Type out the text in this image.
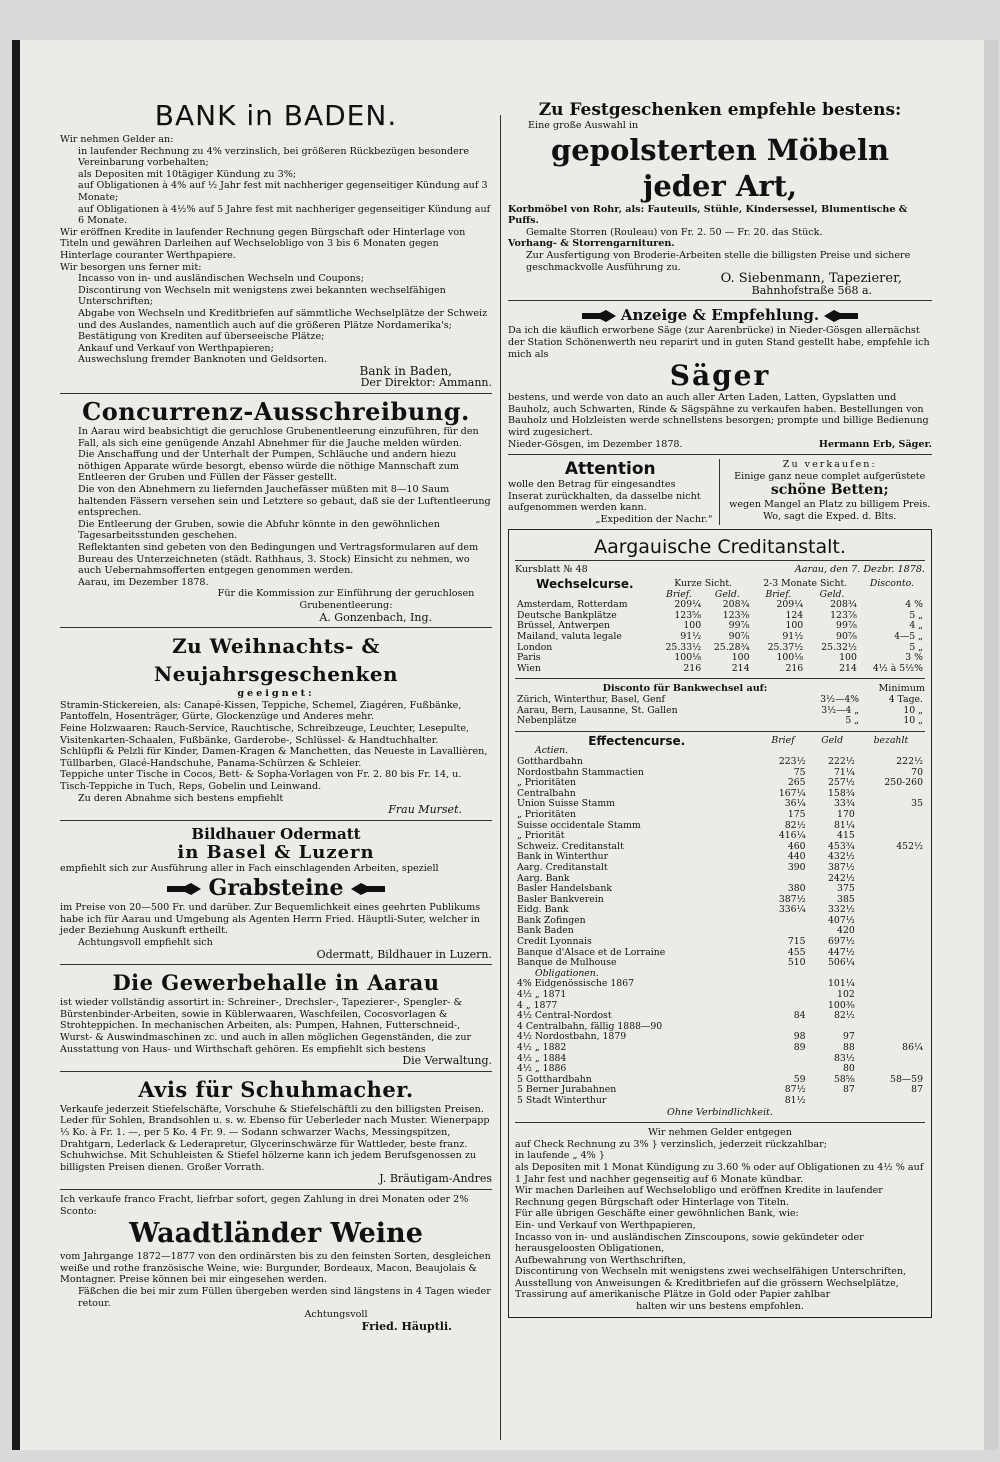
BANK in BADEN.
Wir nehmen Gelder an:
in laufender Rechnung zu 4% verzinslich, bei größeren Rückbezügen besondere Vereinbarung vorbehalten;
als Depositen mit 10tägiger Kündung zu 3%;
auf Obligationen à 4% auf ½ Jahr fest mit nachheriger gegenseitiger Kündung auf 3 Monate;
auf Obligationen à 4½% auf 5 Jahre fest mit nachheriger gegenseitiger Kündung auf 6 Monate.
Wir eröffnen Kredite in laufender Rechnung gegen Bürgschaft oder Hinterlage von Titeln und gewähren Darleihen auf Wechselobligo von 3 bis 6 Monaten gegen Hinterlage couranter Werthpapiere.
Wir besorgen uns ferner mit:
Incasso von in- und ausländischen Wechseln und Coupons;
Discontirung von Wechseln mit wenigstens zwei bekannten wechselfähigen Unterschriften;
Abgabe von Wechseln und Kreditbriefen auf sämmtliche Wechselplätze der Schweiz und des Auslandes, namentlich auch auf die größeren Plätze Nordamerika's;
Bestätigung von Krediten auf überseeische Plätze;
Ankauf und Verkauf von Werthpapieren;
Auswechslung fremder Banknoten und Geldsorten.
Bank in Baden,
Der Direktor: Ammann.
Concurrenz-Ausschreibung.
In Aarau wird beabsichtigt die geruchlose Grubenentleerung einzuführen, für den Fall, als sich eine genügende Anzahl Abnehmer für die Jauche melden würden.
Die Anschaffung und der Unterhalt der Pumpen, Schläuche und andern hiezu nöthigen Apparate würde besorgt, ebenso würde die nöthige Mannschaft zum Entleeren der Gruben und Füllen der Fässer gestellt.
Die von den Abnehmern zu liefernden Jauchefässer müßten mit 8—10 Saum haltenden Fässern versehen sein und Letztere so gebaut, daß sie der Luftentleerung entsprechen.
Die Entleerung der Gruben, sowie die Abfuhr könnte in den gewöhnlichen Tagesarbeitsstunden geschehen.
Reflektanten sind gebeten von den Bedingungen und Vertragsformularen auf dem Bureau des Unterzeichneten (städt. Rathhaus, 3. Stock) Einsicht zu nehmen, wo auch Uebernahmsofferten entgegen genommen werden.
Aarau, im Dezember 1878.
Für die Kommission zur Einführung der geruchlosen Grubenentleerung:
A. Gonzenbach, Ing.
Zu Weihnachts- & Neujahrsgeschenken
geeignet:
Stramin-Stickereien, als: Canapé-Kissen, Teppiche, Schemel, Ziagéren, Fußbänke, Pantoffeln, Hosenträger, Gürte, Glockenzüge und Anderes mehr.
Feine Holzwaaren: Rauch-Service, Rauchtische, Schreibzeuge, Leuchter, Lesepulte, Visitenkarten-Schaalen, Fußbänke, Garderobe-, Schlüssel- & Handtuchhalter.
Schlüpfli & Pelzli für Kinder, Damen-Kragen & Manchetten, das Neueste in Lavallièren, Tüllbarben, Glacé-Handschuhe, Panama-Schürzen & Schleier.
Teppiche unter Tische in Cocos, Bett- & Sopha-Vorlagen von Fr. 2. 80 bis Fr. 14, u. Tisch-Teppiche in Tuch, Reps, Gobelin und Leinwand.
Zu deren Abnahme sich bestens empfiehlt
Frau Murset.
Bildhauer Odermatt
in Basel & Luzern
empfiehlt sich zur Ausführung aller in Fach einschlagenden Arbeiten, speziell
Grabsteine
im Preise von 20—500 Fr. und darüber. Zur Bequemlichkeit eines geehrten Publikums habe ich für Aarau und Umgebung als Agenten Herrn Fried. Häuptli-Suter, welcher in jeder Beziehung Auskunft ertheilt.
Achtungsvoll empfiehlt sich
Odermatt, Bildhauer in Luzern.
Die Gewerbehalle in Aarau
ist wieder vollständig assortirt in: Schreiner-, Drechsler-, Tapezierer-, Spengler- & Bürstenbinder-Arbeiten, sowie in Küblerwaaren, Waschfeilen, Cocosvorlagen & Strohteppichen. In mechanischen Arbeiten, als: Pumpen, Hahnen, Futterschneid-, Wurst- & Auswindmaschinen zc. und auch in allen möglichen Gegenständen, die zur Ausstattung von Haus- und Wirthschaft gehören. Es empfiehlt sich bestens
Die Verwaltung.
Avis für Schuhmacher.
Verkaufe jederzeit Stiefelschäfte, Vorschuhe & Stiefelschäftli zu den billigsten Preisen. Leder für Sohlen, Brandsohlen u. s. w. Ebenso für Ueberleder nach Muster. Wienerpapp ⅓ Ko. à Fr. 1. —, per 5 Ko. 4 Fr. 9. — Sodann schwarzer Wachs, Messingspitzen, Drahtgarn, Lederlack & Lederapretur, Glycerinschwärze für Wattleder, beste franz. Schuhwichse. Mit Schuhleisten & Stiefel hölzerne kann ich jedem Berufsgenossen zu billigsten Preisen dienen. Großer Vorrath.
J. Bräutigam-Andres
Ich verkaufe franco Fracht, liefrbar sofort, gegen Zahlung in drei Monaten oder 2% Sconto:
Waadtländer Weine
vom Jahrgange 1872—1877 von den ordinärsten bis zu den feinsten Sorten, desgleichen weiße und rothe französische Weine, wie: Burgunder, Bordeaux, Macon, Beaujolais & Montagner. Preise können bei mir eingesehen werden.
Fäßchen die bei mir zum Füllen übergeben werden sind längstens in 4 Tagen wieder retour.
Achtungsvoll
Fried. Häuptli.
Zu Festgeschenken empfehle bestens:
Eine große Auswahl in
gepolsterten Möbeln jeder Art,
Korbmöbel von Rohr, als: Fauteuils, Stühle, Kindersessel, Blumentische & Puffs.
Gemalte Storren (Rouleau) von Fr. 2. 50 — Fr. 20. das Stück.
Vorhang- & Storrengarnituren.
Zur Ausfertigung von Broderie-Arbeiten stelle die billigsten Preise und sichere geschmackvolle Ausführung zu.
O. Siebenmann, Tapezierer,
Bahnhofstraße 568 a.
Anzeige & Empfehlung.
Da ich die käuflich erworbene Säge (zur Aarenbrücke) in Nieder-Gösgen allernächst der Station Schönenwerth neu reparirt und in guten Stand gestellt habe, empfehle ich mich als
Säger
bestens, und werde von dato an auch aller Arten Laden, Latten, Gypslatten und Bauholz, auch Schwarten, Rinde & Sägspähne zu verkaufen haben. Bestellungen von Bauholz und Holzleisten werde schnellstens besorgen; prompte und billige Bedienung wird zugesichert.
Nieder-Gösgen, im Dezember 1878.	Hermann Erb, Säger.
Attention
wolle den Betrag für eingesandtes Inserat zurückhalten, da dasselbe nicht aufgenommen werden kann.
„Expedition der Nachr.“
Zu verkaufen:
Einige ganz neue complet aufgerüstete
schöne Betten;
wegen Mangel an Platz zu billigem Preis. Wo, sagt die Exped. d. Blts.
Aargauische Creditanstalt.
Kursblatt № 48	Aarau, den 7. Dezbr. 1878.
Wechselcurse.	Kurze Sicht.		2-3 Monate Sicht.		Disconto.
	Brief.	Geld.	Brief.	Geld.	
Amsterdam, Rotterdam	209¼	208¾	209¼	208¾	4 %
Deutsche Bankplätze	123⅝	123⅜	124	123⅞	5 „
Brüssel, Antwerpen	100	99⅞	100	99⅞	4 „
Mailand, valuta legale	91½	90⅞	91½	90⅞	4—5 „
London	25.33½	25.28¾	25.37½	25.32½	5 „
Paris	100⅛	100	100⅛	100	3 %
Wien	216	214	216	214	4½ à 5½%
Disconto für Bankwechsel auf:	Minimum
Zürich, Winterthur, Basel, Genf	3½—4%	4 Tage.
Aarau, Bern, Lausanne, St. Gallen	3½—4 „	10 „
Nebenplätze	5 „	10 „
Effectencurse.	Brief	Geld	bezahlt
Actien.			
Gotthardbahn	223½	222½	222½
Nordostbahn Stammactien	75	71¼	70
„ Prioritäten	265	257½	250-260
Centralbahn	167¼	158¾	
Union Suisse Stamm	36¼	33¾	35
„ Prioritäten	175	170	
Suisse occidentale Stamm	82½	81¼	
„ Priorität	416¼	415	
Schweiz. Creditanstalt	460	453¾	452½
Bank in Winterthur	440	432½	
Aarg. Creditanstalt	390	387½	
Aarg. Bank		242½	
Basler Handelsbank	380	375	
Basler Bankverein	387½	385	
Eidg. Bank	336¼	332½	
Bank Zofingen		407½	
Bank Baden		420	
Credit Lyonnais	715	697½	
Banque d'Alsace et de Lorraine	455	447½	
Banque de Mulhouse	510	506¼	
Obligationen.			
4% Eidgenössische 1867		101¼	
4½ „ 1871		102	
4 „ 1877		100⅜	
4½ Central-Nordost	84	82½	
4 Centralbahn, fällig 1888—90			
4½ Nordostbahn, 1879	98	97	
4½ „ 1882	89	88	86¼
4½ „ 1884		83½	
4½ „ 1886		80	
5 Gotthardbahn	59	58⅝	58—59
5 Berner Jurabahnen	87½	87	87
5 Stadt Winterthur	81½		
Ohne Verbindlichkeit.
Wir nehmen Gelder entgegen
auf Check Rechnung zu 3% } verzinslich, jederzeit rückzahlbar;
in laufende „ 4% }
als Depositen mit 1 Monat Kündigung zu 3.60 % oder auf Obligationen zu 4½ % auf 1 Jahr fest und nachher gegenseitig auf 6 Monate kündbar.
Wir machen Darleihen auf Wechselobligo und eröffnen Kredite in laufender Rechnung gegen Bürgschaft oder Hinterlage von Titeln.
Für alle übrigen Geschäfte einer gewöhnlichen Bank, wie:
Ein- und Verkauf von Werthpapieren,
Incasso von in- und ausländischen Zinscoupons, sowie gekündeter oder herausgeloosten Obligationen,
Aufbewahrung von Werthschriften,
Discontirung von Wechseln mit wenigstens zwei wechselfähigen Unterschriften,
Ausstellung von Anweisungen & Kreditbriefen auf die grössern Wechselplätze,
Trassirung auf amerikanische Plätze in Gold oder Papier zahlbar
halten wir uns bestens empfohlen.
